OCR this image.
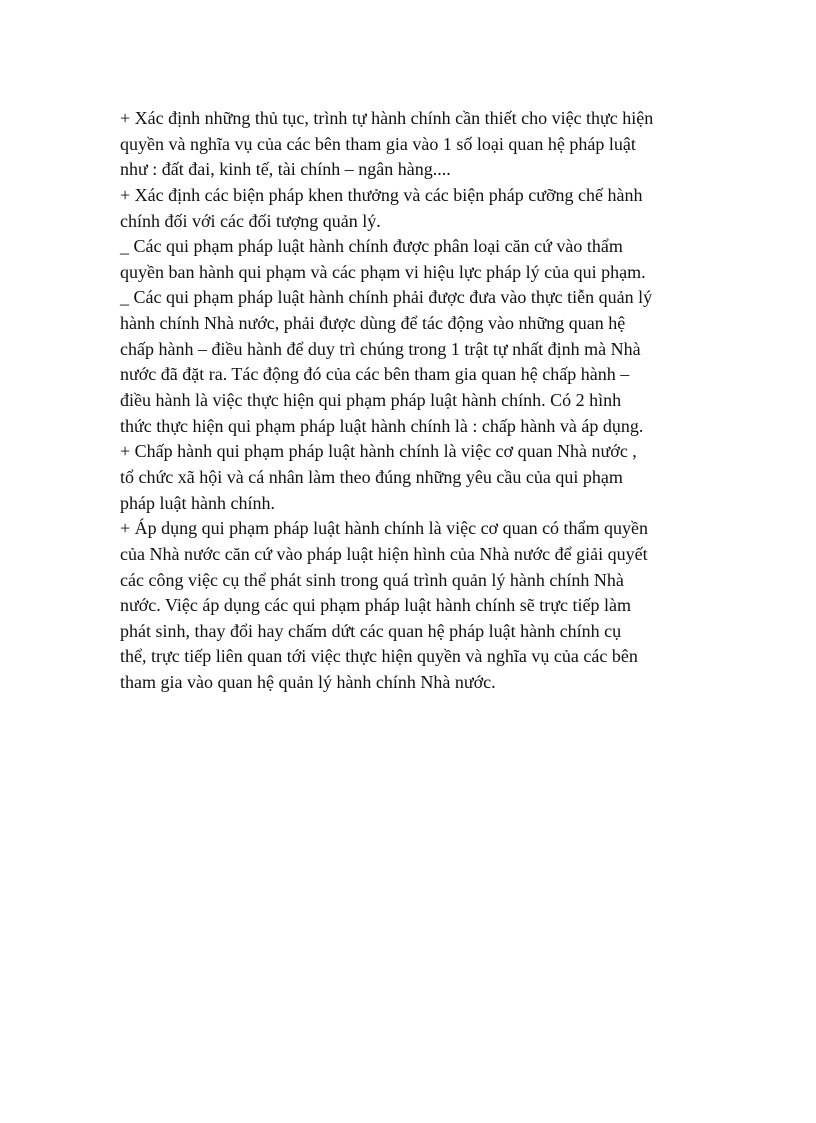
+ Xác định những thủ tục, trình tự hành chính cần thiết cho việc thực hiện

quyền và nghĩa vụ của các bên tham gia vào 1 số loại quan hệ pháp luật

như : đất đai, kinh tế, tài chính – ngân hàng....

+ Xác định các biện pháp khen thưởng và các biện pháp cưỡng chế hành

chính đối với các đối tượng quản lý.

_ Các qui phạm pháp luật hành chính được phân loại căn cứ vào thẩm

quyền ban hành qui phạm và các phạm vi hiệu lực pháp lý của qui phạm.

_ Các qui phạm pháp luật hành chính phải được đưa vào thực tiễn quản lý

hành chính Nhà nước, phải được dùng để tác động vào những quan hệ

chấp hành – điều hành để duy trì chúng trong 1 trật tự nhất định mà Nhà

nước đã đặt ra. Tác động đó của các bên tham gia quan hệ chấp hành –

điều hành là việc thực hiện qui phạm pháp luật hành chính. Có 2 hình

thức thực hiện qui phạm pháp luật hành chính là : chấp hành và áp dụng.

+ Chấp hành qui phạm pháp luật hành chính là việc cơ quan Nhà nước ,

tổ chức xã hội và cá nhân làm theo đúng những yêu cầu của qui phạm

pháp luật hành chính.

+ Áp dụng qui phạm pháp luật hành chính là việc cơ quan có thẩm quyền

của Nhà nước căn cứ vào pháp luật hiện hình của Nhà nước để giải quyết

các công việc cụ thể phát sinh trong quá trình quản lý hành chính Nhà

nước. Việc áp dụng các qui phạm pháp luật hành chính sẽ trực tiếp làm

phát sinh, thay đổi hay chấm dứt các quan hệ pháp luật hành chính cụ

thể, trực tiếp liên quan tới việc thực hiện quyền và nghĩa vụ của các bên

tham gia vào quan hệ quản lý hành chính Nhà nước.
